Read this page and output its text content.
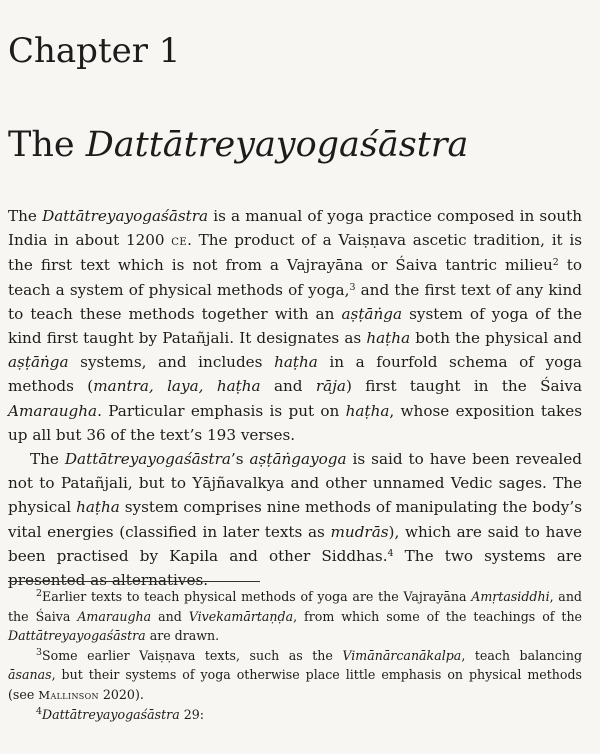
Chapter 1
The Dattātreyayogaśāstra

The Dattātreyayogaśāstra is a manual of yoga practice composed in south India in about 1200 ce. The product of a Vaiṣṇava ascetic tradition, it is the first text which is not from a Vajrayāna or Śaiva tantric milieu$^2$ to teach a system of physical methods of yoga,$^3$ and the first text of any kind to teach these methods together with an aṣṭāṅga system of yoga of the kind first taught by Patañjali. It designates as haṭha both the physical and aṣṭāṅga systems, and includes haṭha in a fourfold schema of yoga methods (mantra, laya, haṭha and rāja) first taught in the Śaiva Amaraugha. Particular emphasis is put on haṭha, whose exposition takes up all but 36 of the text’s 193 verses.

The Dattātreyayogaśāstra’s aṣṭāṅgayoga is said to have been revealed not to Patañjali, but to Yājñavalkya and other unnamed Vedic sages. The physical haṭha system comprises nine methods of manipulating the body’s vital energies (classified in later texts as mudrās), which are said to have been practised by Kapila and other Siddhas.$^4$ The two systems are presented as alternatives.

$^2$Earlier texts to teach physical methods of yoga are the Vajrayāna Amṛtasiddhi, and the Śaiva Amaraugha and Vivekamārtaṇḍa, from which some of the teachings of the Dattātreyayogaśāstra are drawn.

$^3$Some earlier Vaiṣṇava texts, such as the Vimānārcanākalpa, teach balancing āsanas, but their systems of yoga otherwise place little emphasis on physical methods (see Mallinson 2020).

$^4$Dattātreyayogaśāstra 29:
